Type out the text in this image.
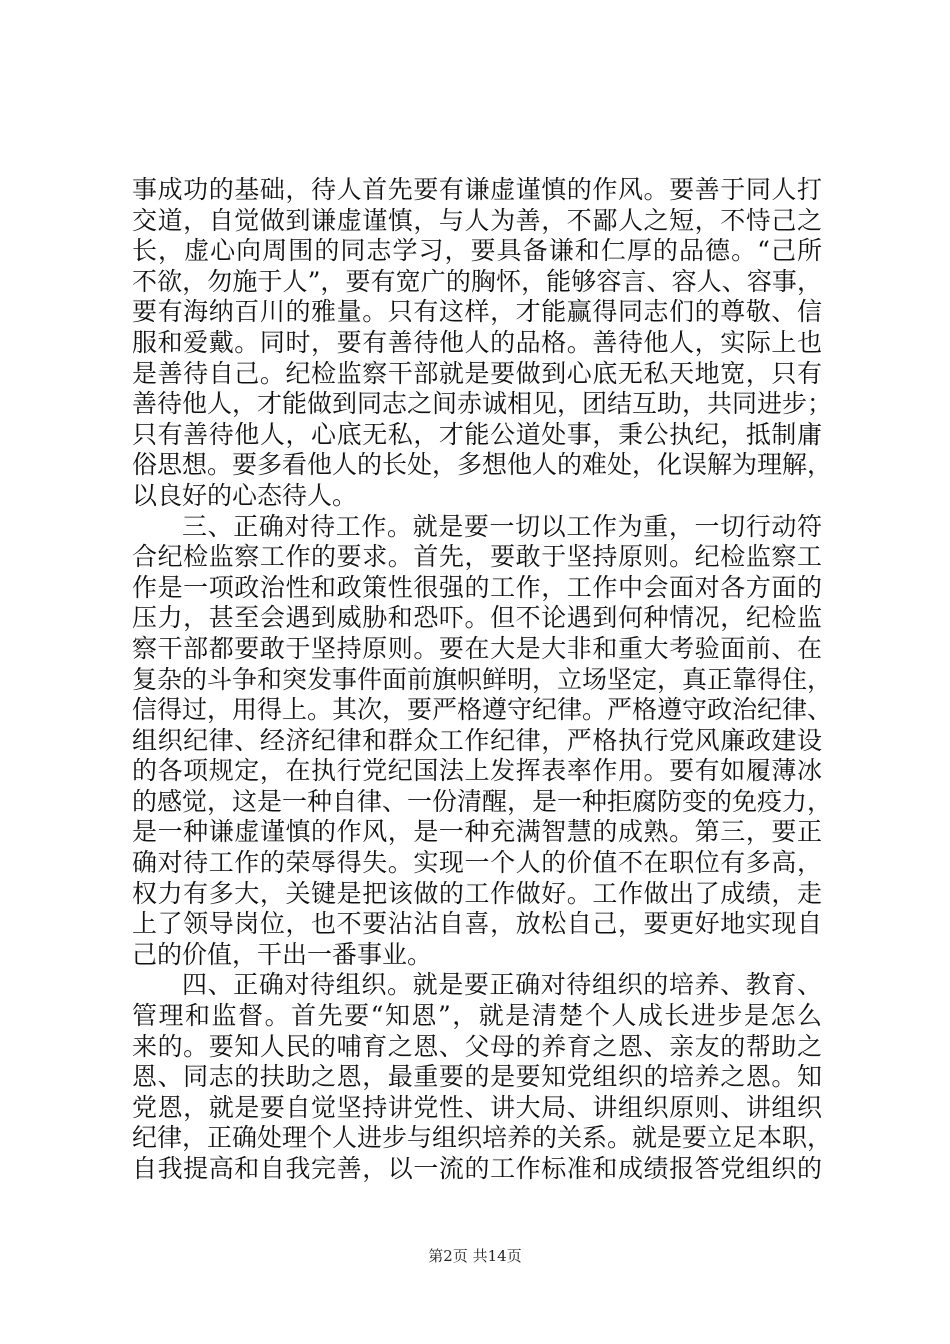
事成功的基础，待人首先要有谦虚谨慎的作风。要善于同人打
交道，自觉做到谦虚谨慎，与人为善，不鄙人之短，不恃己之
长，虚心向周围的同志学习，要具备谦和仁厚的品德。“己所
不欲，勿施于人”，要有宽广的胸怀，能够容言、容人、容事，
要有海纳百川的雅量。只有这样，才能赢得同志们的尊敬、信
服和爱戴。同时，要有善待他人的品格。善待他人，实际上也
是善待自己。纪检监察干部就是要做到心底无私天地宽，只有
善待他人，才能做到同志之间赤诚相见，团结互助，共同进步；
只有善待他人，心底无私，才能公道处事，秉公执纪，抵制庸
俗思想。要多看他人的长处，多想他人的难处，化误解为理解，
以良好的心态待人。
三、正确对待工作。就是要一切以工作为重，一切行动符
合纪检监察工作的要求。首先，要敢于坚持原则。纪检监察工
作是一项政治性和政策性很强的工作，工作中会面对各方面的
压力，甚至会遇到威胁和恐吓。但不论遇到何种情况，纪检监
察干部都要敢于坚持原则。要在大是大非和重大考验面前、在
复杂的斗争和突发事件面前旗帜鲜明，立场坚定，真正靠得住，
信得过，用得上。其次，要严格遵守纪律。严格遵守政治纪律、
组织纪律、经济纪律和群众工作纪律，严格执行党风廉政建设
的各项规定，在执行党纪国法上发挥表率作用。要有如履薄冰
的感觉，这是一种自律、一份清醒，是一种拒腐防变的免疫力，
是一种谦虚谨慎的作风，是一种充满智慧的成熟。第三，要正
确对待工作的荣辱得失。实现一个人的价值不在职位有多高，
权力有多大，关键是把该做的工作做好。工作做出了成绩，走
上了领导岗位，也不要沾沾自喜，放松自己，要更好地实现自
己的价值，干出一番事业。
四、正确对待组织。就是要正确对待组织的培养、教育、
管理和监督。首先要“知恩”，就是清楚个人成长进步是怎么
来的。要知人民的哺育之恩、父母的养育之恩、亲友的帮助之
恩、同志的扶助之恩，最重要的是要知党组织的培养之恩。知
党恩，就是要自觉坚持讲党性、讲大局、讲组织原则、讲组织
纪律，正确处理个人进步与组织培养的关系。就是要立足本职，
自我提高和自我完善，以一流的工作标准和成绩报答党组织的
第2页 共14页
